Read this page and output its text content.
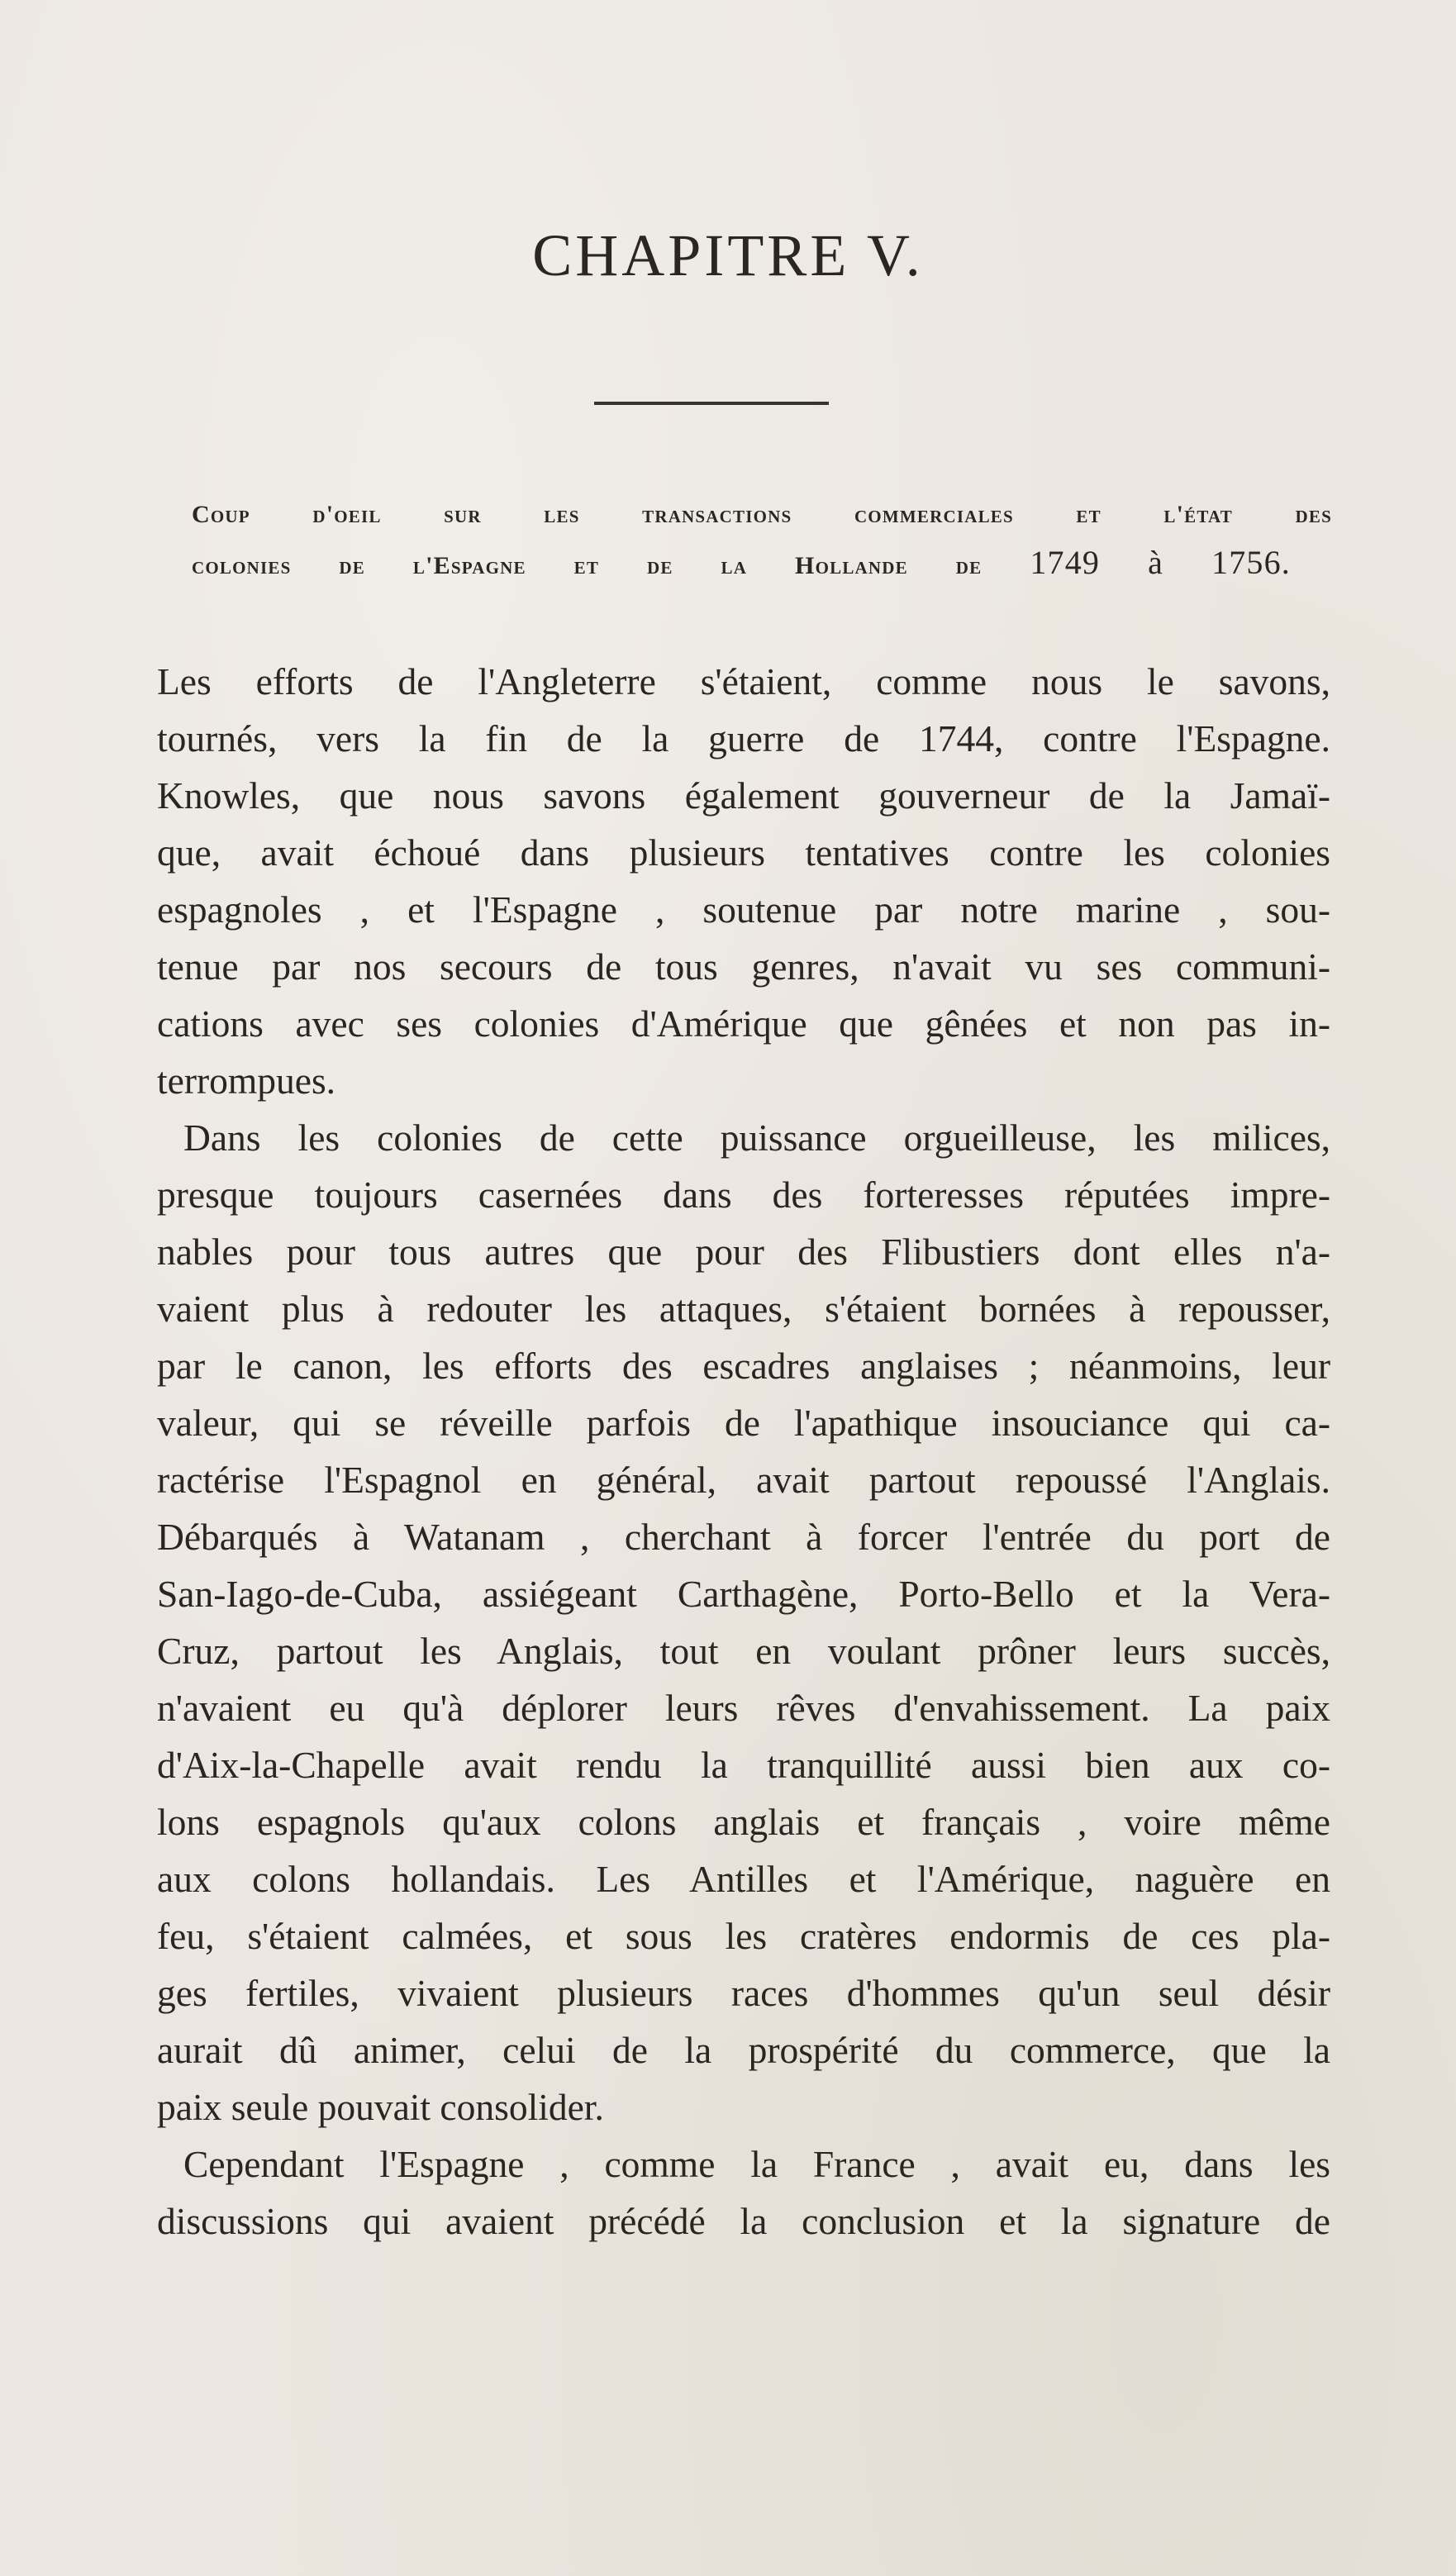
CHAPITRE V.
Coup d'oeil sur les transactions commerciales et l'état des
colonies de l'Espagne et de la Hollande de 1749 à 1756.
Les efforts de l'Angleterre s'étaient, comme nous le savons,
tournés, vers la fin de la guerre de 1744, contre l'Espagne.
Knowles, que nous savons également gouverneur de la Jamaï-
que, avait échoué dans plusieurs tentatives contre les colonies
espagnoles , et l'Espagne , soutenue par notre marine , sou-
tenue par nos secours de tous genres, n'avait vu ses communi-
cations avec ses colonies d'Amérique que gênées et non pas in-
terrompues.
Dans les colonies de cette puissance orgueilleuse, les milices,
presque toujours casernées dans des forteresses réputées impre-
nables pour tous autres que pour des Flibustiers dont elles n'a-
vaient plus à redouter les attaques, s'étaient bornées à repousser,
par le canon, les efforts des escadres anglaises ; néanmoins, leur
valeur, qui se réveille parfois de l'apathique insouciance qui ca-
ractérise l'Espagnol en général, avait partout repoussé l'Anglais.
Débarqués à Watanam , cherchant à forcer l'entrée du port de
San-Iago-de-Cuba, assiégeant Carthagène, Porto-Bello et la Vera-
Cruz, partout les Anglais, tout en voulant prôner leurs succès,
n'avaient eu qu'à déplorer leurs rêves d'envahissement. La paix
d'Aix-la-Chapelle avait rendu la tranquillité aussi bien aux co-
lons espagnols qu'aux colons anglais et français , voire même
aux colons hollandais. Les Antilles et l'Amérique, naguère en
feu, s'étaient calmées, et sous les cratères endormis de ces pla-
ges fertiles, vivaient plusieurs races d'hommes qu'un seul désir
aurait dû animer, celui de la prospérité du commerce, que la
paix seule pouvait consolider.
Cependant l'Espagne , comme la France , avait eu, dans les
discussions qui avaient précédé la conclusion et la signature de
